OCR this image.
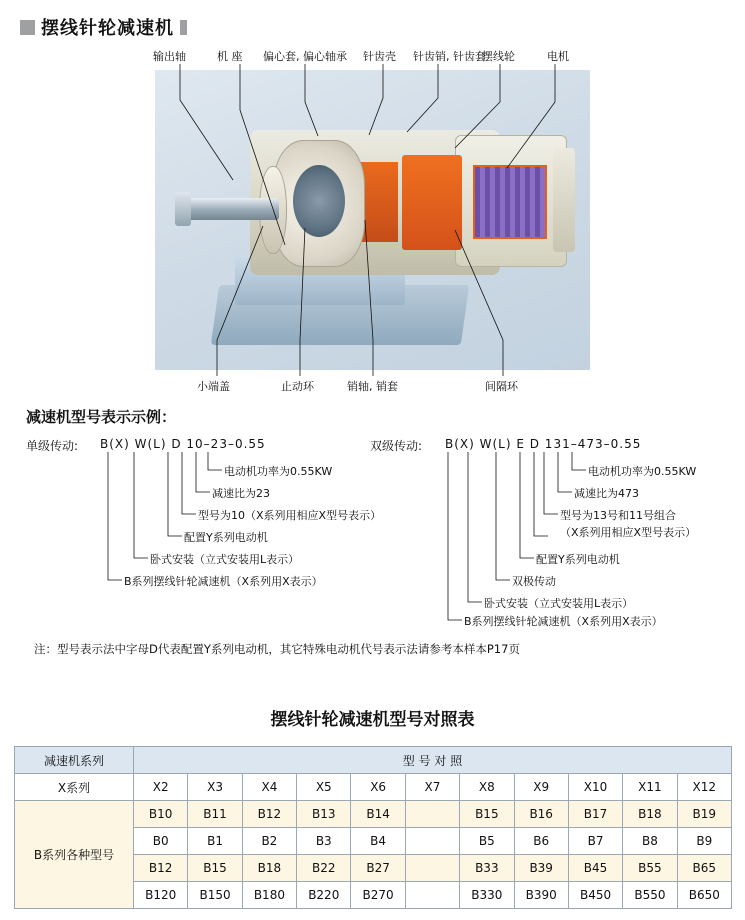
摆线针轮减速机
输出轴	机 座 偏心套, 偏心轴承 针齿壳 针齿销, 针齿套
摆线轮	电机
小端盖	止动环	销轴, 销套	间隔环
减速机型号表示示例：
单级传动: B(X) W(L) D 10–23–0.55	双级传动: B(X) W(L) E D 131–473–0.55
电动机功率为0.55KW
减速比为23
型号为10（X系列用相应X型号表示）
配置Y系列电动机
卧式安装（立式安装用L表示）
B系列摆线针轮减速机（X系列用X表示）
电动机功率为0.55KW
减速比为473
型号为13号和11号组合
（X系列用相应X型号表示）
配置Y系列电动机
双极传动
卧式安装（立式安装用L表示）
B系列摆线针轮减速机（X系列用X表示）
注：型号表示法中字母D代表配置Y系列电动机，其它特殊电动机代号表示法请参考本样本P17页
摆线针轮减速机型号对照表
减速机系列	型 号 对 照										
X系列	X2	X3	X4	X5	X6	X7	X8	X9	X10	X11	X12
B系列各种型号	B10	B11	B12	B13	B14		B15	B16	B17	B18	B19
	B0	B1	B2	B3	B4		B5	B6	B7	B8	B9
	B12	B15	B18	B22	B27		B33	B39	B45	B55	B65
	B120	B150	B180	B220	B270		B330	B390	B450	B550	B650
